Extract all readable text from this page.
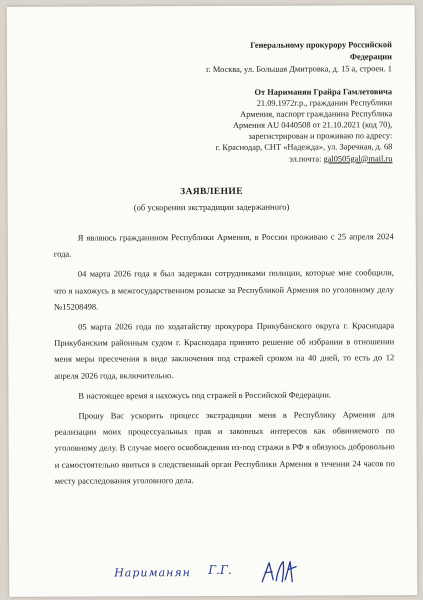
Генеральному прокурору Российской
Федерации
г. Москва, ул. Большая Дмитровка, д. 15 а, строен. 1
От Нариманян Грайра Гамлетовича
21.09.1972г.р., гражданин Республики
Армения, паспорт гражданина Республика
Армения AU 0440508 от 21.10.2021 (код 70),
зарегистрирован и проживаю по адресу:
г. Краснодар, СНТ «Надежда», ул. Заречная, д. 68
эл.почта: gal0505gal@mail.ru
ЗАЯВЛЕНИЕ
(об ускорении экстрадиции задержанного)

Я являюсь гражданином Республики Армения, в России проживаю с 25 апреля 2024 года.

04 марта 2026 года я был задержан сотрудниками полиции, которые мне сообщили, что я нахожусь в межгосударственном розыске за Республикой Армения по уголовному делу №15208498.

05 марта 2026 года по ходатайству прокурора Прикубанского округа г. Краснодара Прикубанским районным судом г. Краснодара принято решение об избрании в отношении меня меры пресечения в виде заключения под стражей сроком на 40 дней, то есть до 12 апреля 2026 года, включительно.

В настоящее время я нахожусь под стражей в Российской Федерации.

Прошу Вас ускорить процесс экстрадиции меня в Республику Армения для реализации моих процессуальных прав и законных интересов как обвиняемого по уголовному делу. В случае моего освобождения из-под стражи в РФ я обязуюсь добровольно и самостоятельно явиться в следственный орган Республики Армения в течении 24 часов по месту расследования уголовного дела.

Нариманян Г.Г.
